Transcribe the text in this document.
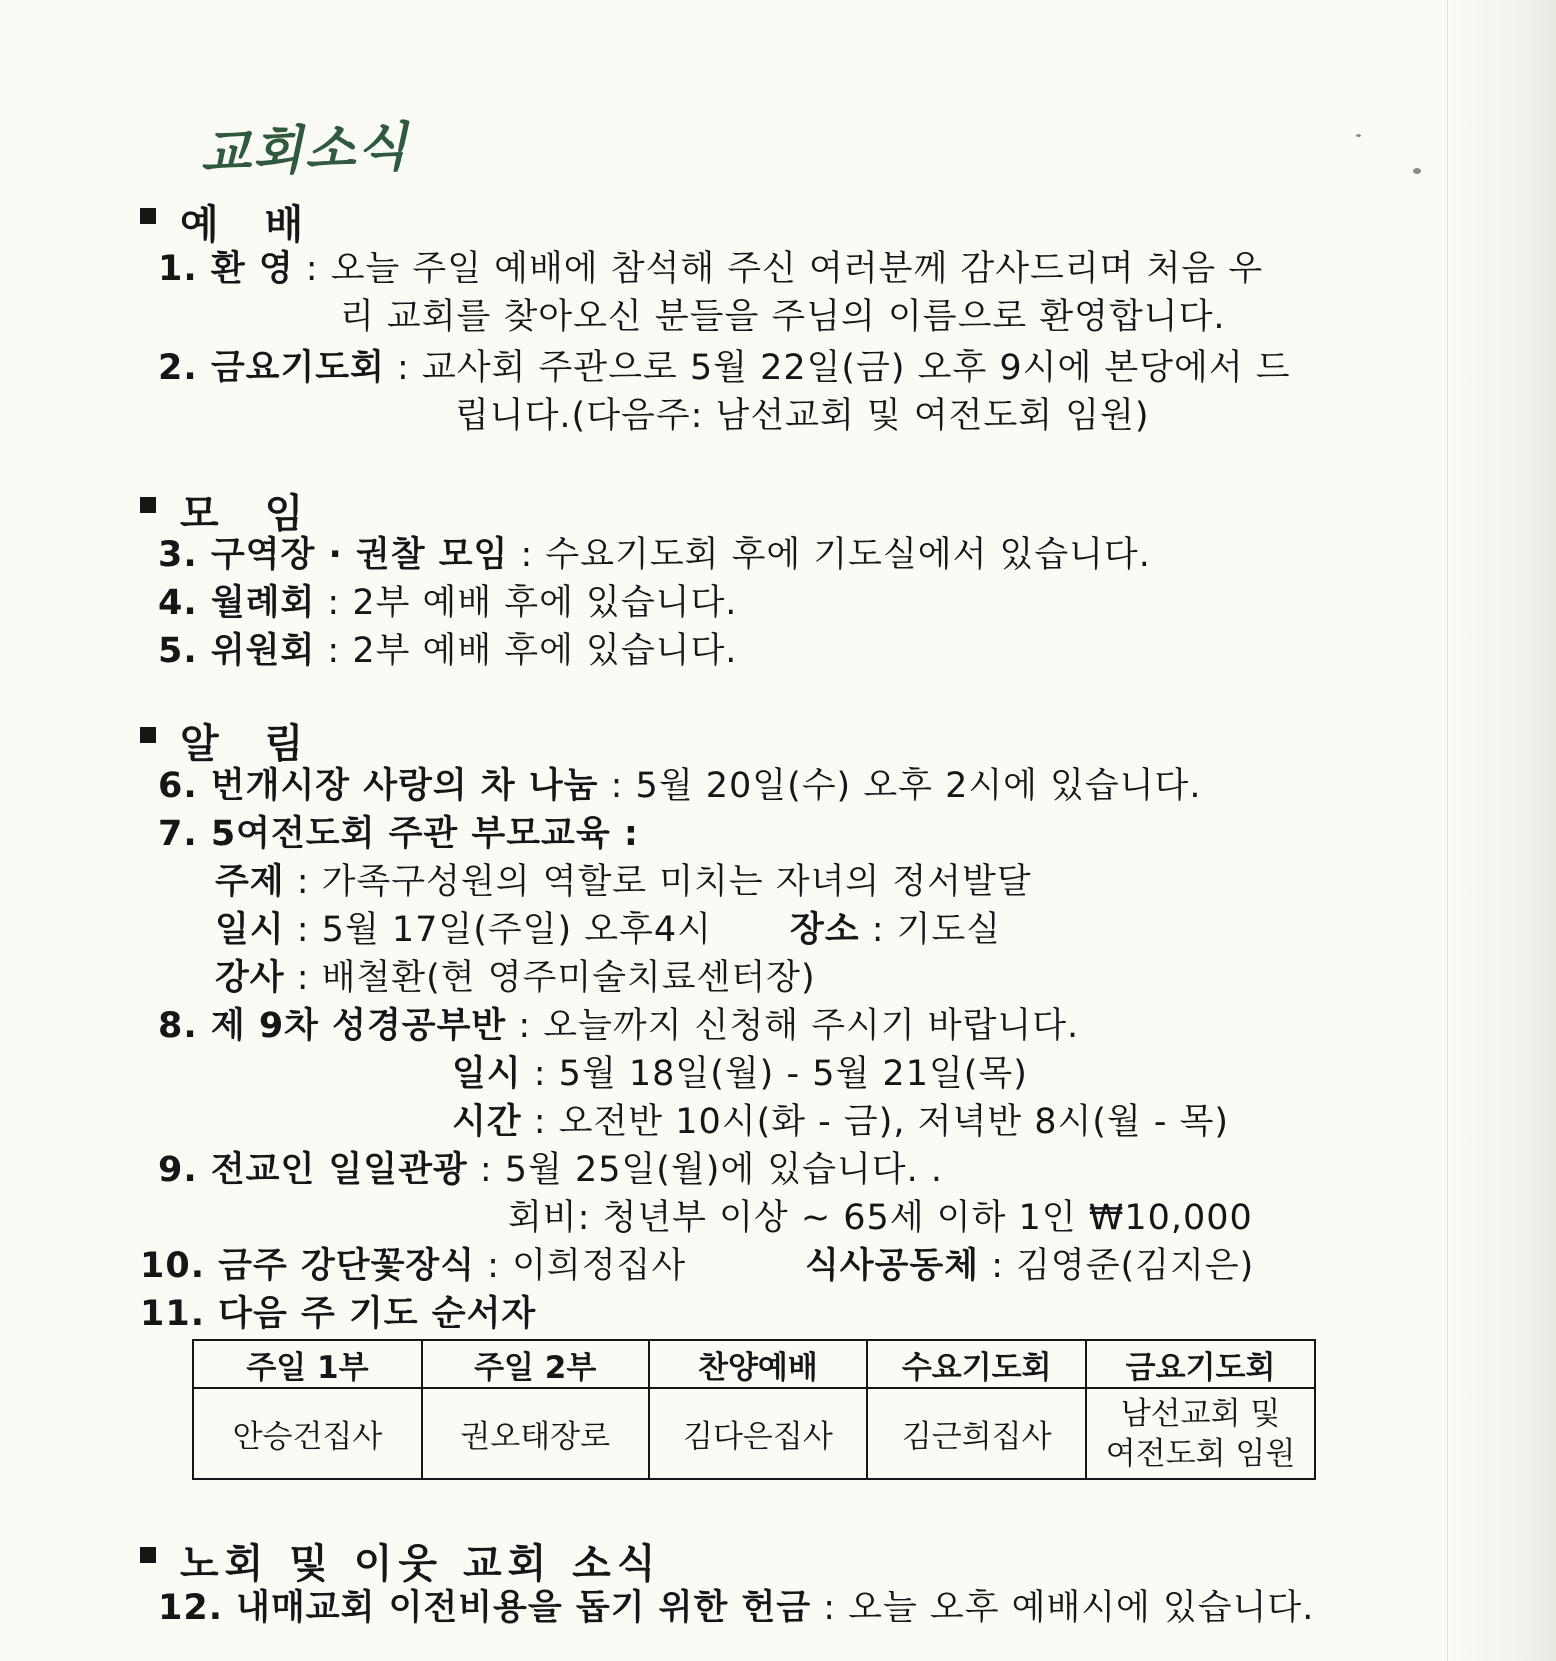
교회소식
예 배
1. 환 영 : 오늘 주일 예배에 참석해 주신 여러분께 감사드리며 처음 우
리 교회를 찾아오신 분들을 주님의 이름으로 환영합니다.
2. 금요기도회 : 교사회 주관으로 5월 22일(금) 오후 9시에 본당에서 드
립니다.(다음주: 남선교회 및 여전도회 임원)
모 임
3. 구역장 · 권찰 모임 : 수요기도회 후에 기도실에서 있습니다.
4. 월례회 : 2부 예배 후에 있습니다.
5. 위원회 : 2부 예배 후에 있습니다.
알 림
6. 번개시장 사랑의 차 나눔 : 5월 20일(수) 오후 2시에 있습니다.
7. 5여전도회 주관 부모교육 :
주제 : 가족구성원의 역할로 미치는 자녀의 정서발달
일시 : 5월 17일(주일) 오후4시 장소 : 기도실
강사 : 배철환(현 영주미술치료센터장)
8. 제 9차 성경공부반 : 오늘까지 신청해 주시기 바랍니다.
일시 : 5월 18일(월) - 5월 21일(목)
시간 : 오전반 10시(화 - 금), 저녁반 8시(월 - 목)
9. 전교인 일일관광 : 5월 25일(월)에 있습니다. .
회비: 청년부 이상 ~ 65세 이하 1인 ₩10,000
10. 금주 강단꽃장식 : 이희정집사	식사공동체 : 김영준(김지은)
11. 다음 주 기도 순서자
주일 1부	주일 2부	찬양예배	수요기도회	금요기도회
안승건집사	권오태장로	김다은집사	김근희집사	남선교회 및
여전도회 임원
노회 및 이웃 교회 소식
12. 내매교회 이전비용을 돕기 위한 헌금 : 오늘 오후 예배시에 있습니다.
